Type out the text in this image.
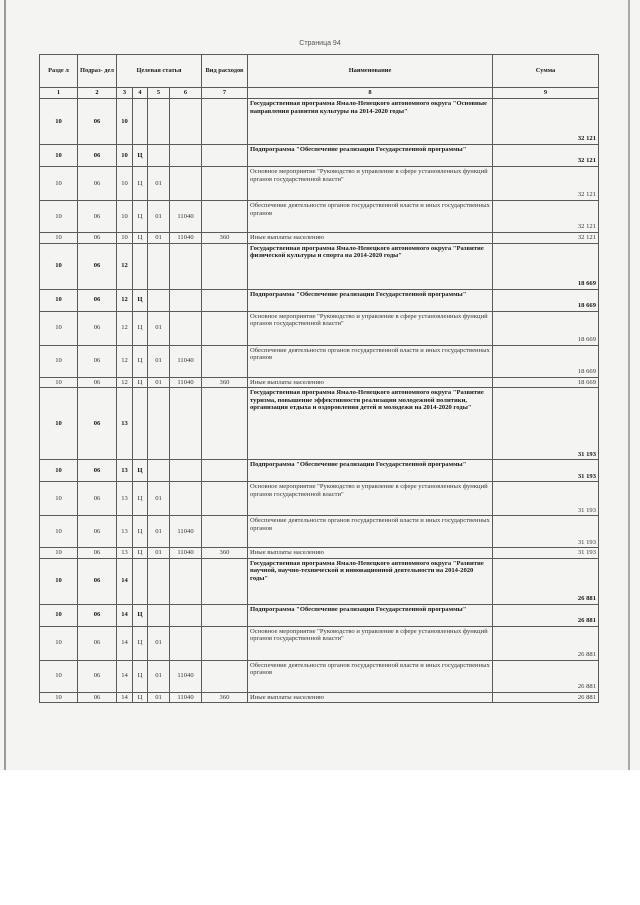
Страница 94
Разде л	Подраз- дел	Целевая статья				Вид расходов	Наименование	Сумма
1	2	3	4	5	6	7	8	9
10	06	10					Государственная программа Ямало-Ненецкого автономного округа "Основные направления развития культуры на 2014-2020 годы"	32 121
10	06	10	Ц				Подпрограмма "Обеспечение реализации Государственной программы"	32 121
10	06	10	Ц	01			Основное мероприятие "Руководство и управление в сфере установленных функций органов государственной власти"	32 121
10	06	10	Ц	01	11040		Обеспечение деятельности органов государственной власти и иных государственных органов	32 121
10	06	10	Ц	01	11040	360	Иные выплаты населению	32 121
10	06	12					Государственная программа Ямало-Ненецкого автономного округа "Развитие физической культуры и спорта на 2014-2020 годы"	18 669
10	06	12	Ц				Подпрограмма "Обеспечение реализации Государственной программы"	18 669
10	06	12	Ц	01			Основное мероприятие "Руководство и управление в сфере установленных функций органов государственной власти"	18 669
10	06	12	Ц	01	11040		Обеспечение деятельности органов государственной власти и иных государственных органов	18 669
10	06	12	Ц	01	11040	360	Иные выплаты населению	18 669
10	06	13					Государственная программа Ямало-Ненецкого автономного округа "Развитие туризма, повышение эффективности реализации молодежной политики, организация отдыха и оздоровления детей и молодежи на 2014-2020 годы"	31 193
10	06	13	Ц				Подпрограмма "Обеспечение реализации Государственной программы"	31 193
10	06	13	Ц	01			Основное мероприятие "Руководство и управление в сфере установленных функций органов государственной власти"	31 193
10	06	13	Ц	01	11040		Обеспечение деятельности органов государственной власти и иных государственных органов	31 193
10	06	13	Ц	01	11040	360	Иные выплаты населению	31 193
10	06	14					Государственная программа Ямало-Ненецкого автономного округа "Развитие научной, научно-технической и инновационной деятельности на 2014-2020 годы"	26 881
10	06	14	Ц				Подпрограмма "Обеспечение реализации Государственной программы"	26 881
10	06	14	Ц	01			Основное мероприятие "Руководство и управление в сфере установленных функций органов государственной власти"	26 881
10	06	14	Ц	01	11040		Обеспечение деятельности органов государственной власти и иных государственных органов	26 881
10	06	14	Ц	01	11040	360	Иные выплаты населению	26 881
